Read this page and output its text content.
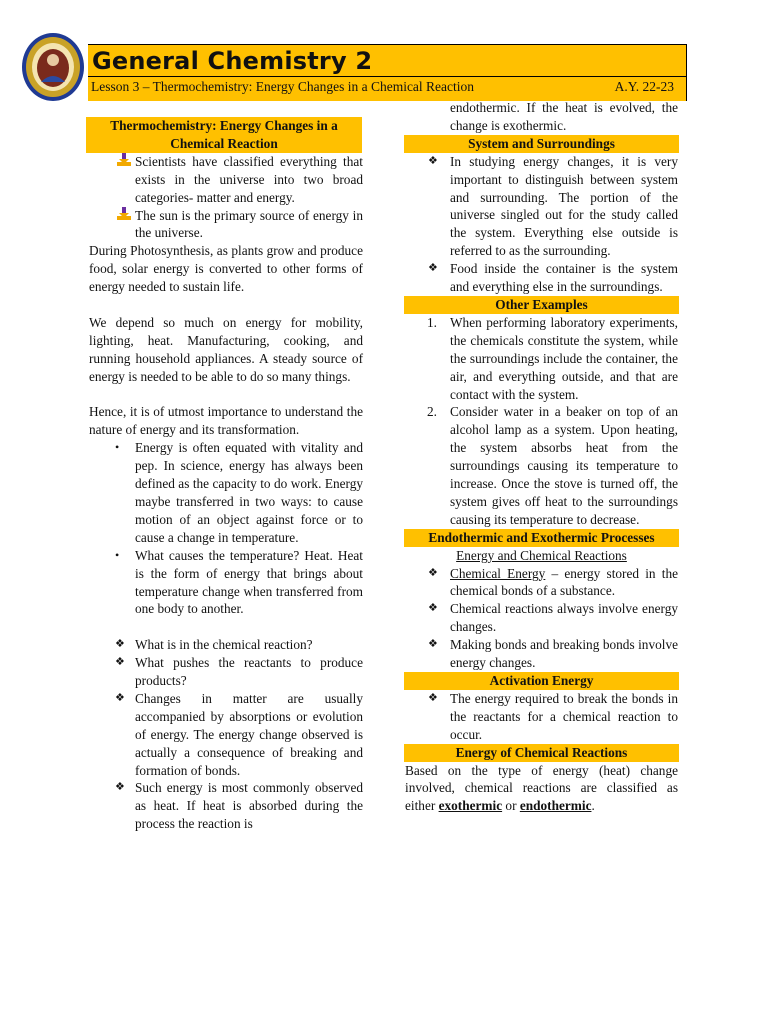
General Chemistry 2
Lesson 3 – Thermochemistry: Energy Changes in a Chemical Reaction	A.Y. 22-23
Thermochemistry: Energy Changes in a Chemical Reaction
Scientists have classified everything that exists in the universe into two broad categories- matter and energy.
The sun is the primary source of energy in the universe.

During Photosynthesis, as plants grow and produce food, solar energy is converted to other forms of energy needed to sustain life.

We depend so much on energy for mobility, lighting, heat. Manufacturing, cooking, and running household appliances. A steady source of energy is needed to be able to do so many things.

Hence, it is of utmost importance to understand the nature of energy and its transformation.

• Energy is often equated with vitality and pep. In science, energy has always been defined as the capacity to do work. Energy maybe transferred in two ways: to cause motion of an object against force or to cause a change in temperature.
• What causes the temperature? Heat. Heat is the form of energy that brings about temperature change when transferred from one body to another.
❖ What is in the chemical reaction?
❖ What pushes the reactants to produce products?
❖ Changes in matter are usually accompanied by absorptions or evolution of energy. The energy change observed is actually a consequence of breaking and formation of bonds.
❖ Such energy is most commonly observed as heat. If heat is absorbed during the process the reaction is

endothermic. If the heat is evolved, the change is exothermic.

System and Surroundings
❖ In studying energy changes, it is very important to distinguish between system and surrounding. The portion of the universe singled out for the study called the system. Everything else outside is referred to as the surrounding.
❖ Food inside the container is the system and everything else in the surroundings.
Other Examples
1. When performing laboratory experiments, the chemicals constitute the system, while the surroundings include the container, the air, and everything outside, and that are contact with the system.
2. Consider water in a beaker on top of an alcohol lamp as a system. Upon heating, the system absorbs heat from the surroundings causing its temperature to increase. Once the stove is turned off, the system gives off heat to the surroundings causing its temperature to decrease.
Endothermic and Exothermic Processes
Energy and Chemical Reactions
❖ Chemical Energy – energy stored in the chemical bonds of a substance.
❖ Chemical reactions always involve energy changes.
❖ Making bonds and breaking bonds involve energy changes.
Activation Energy
❖ The energy required to break the bonds in the reactants for a chemical reaction to occur.
Energy of Chemical Reactions

Based on the type of energy (heat) change involved, chemical reactions are classified as either exothermic or endothermic.
